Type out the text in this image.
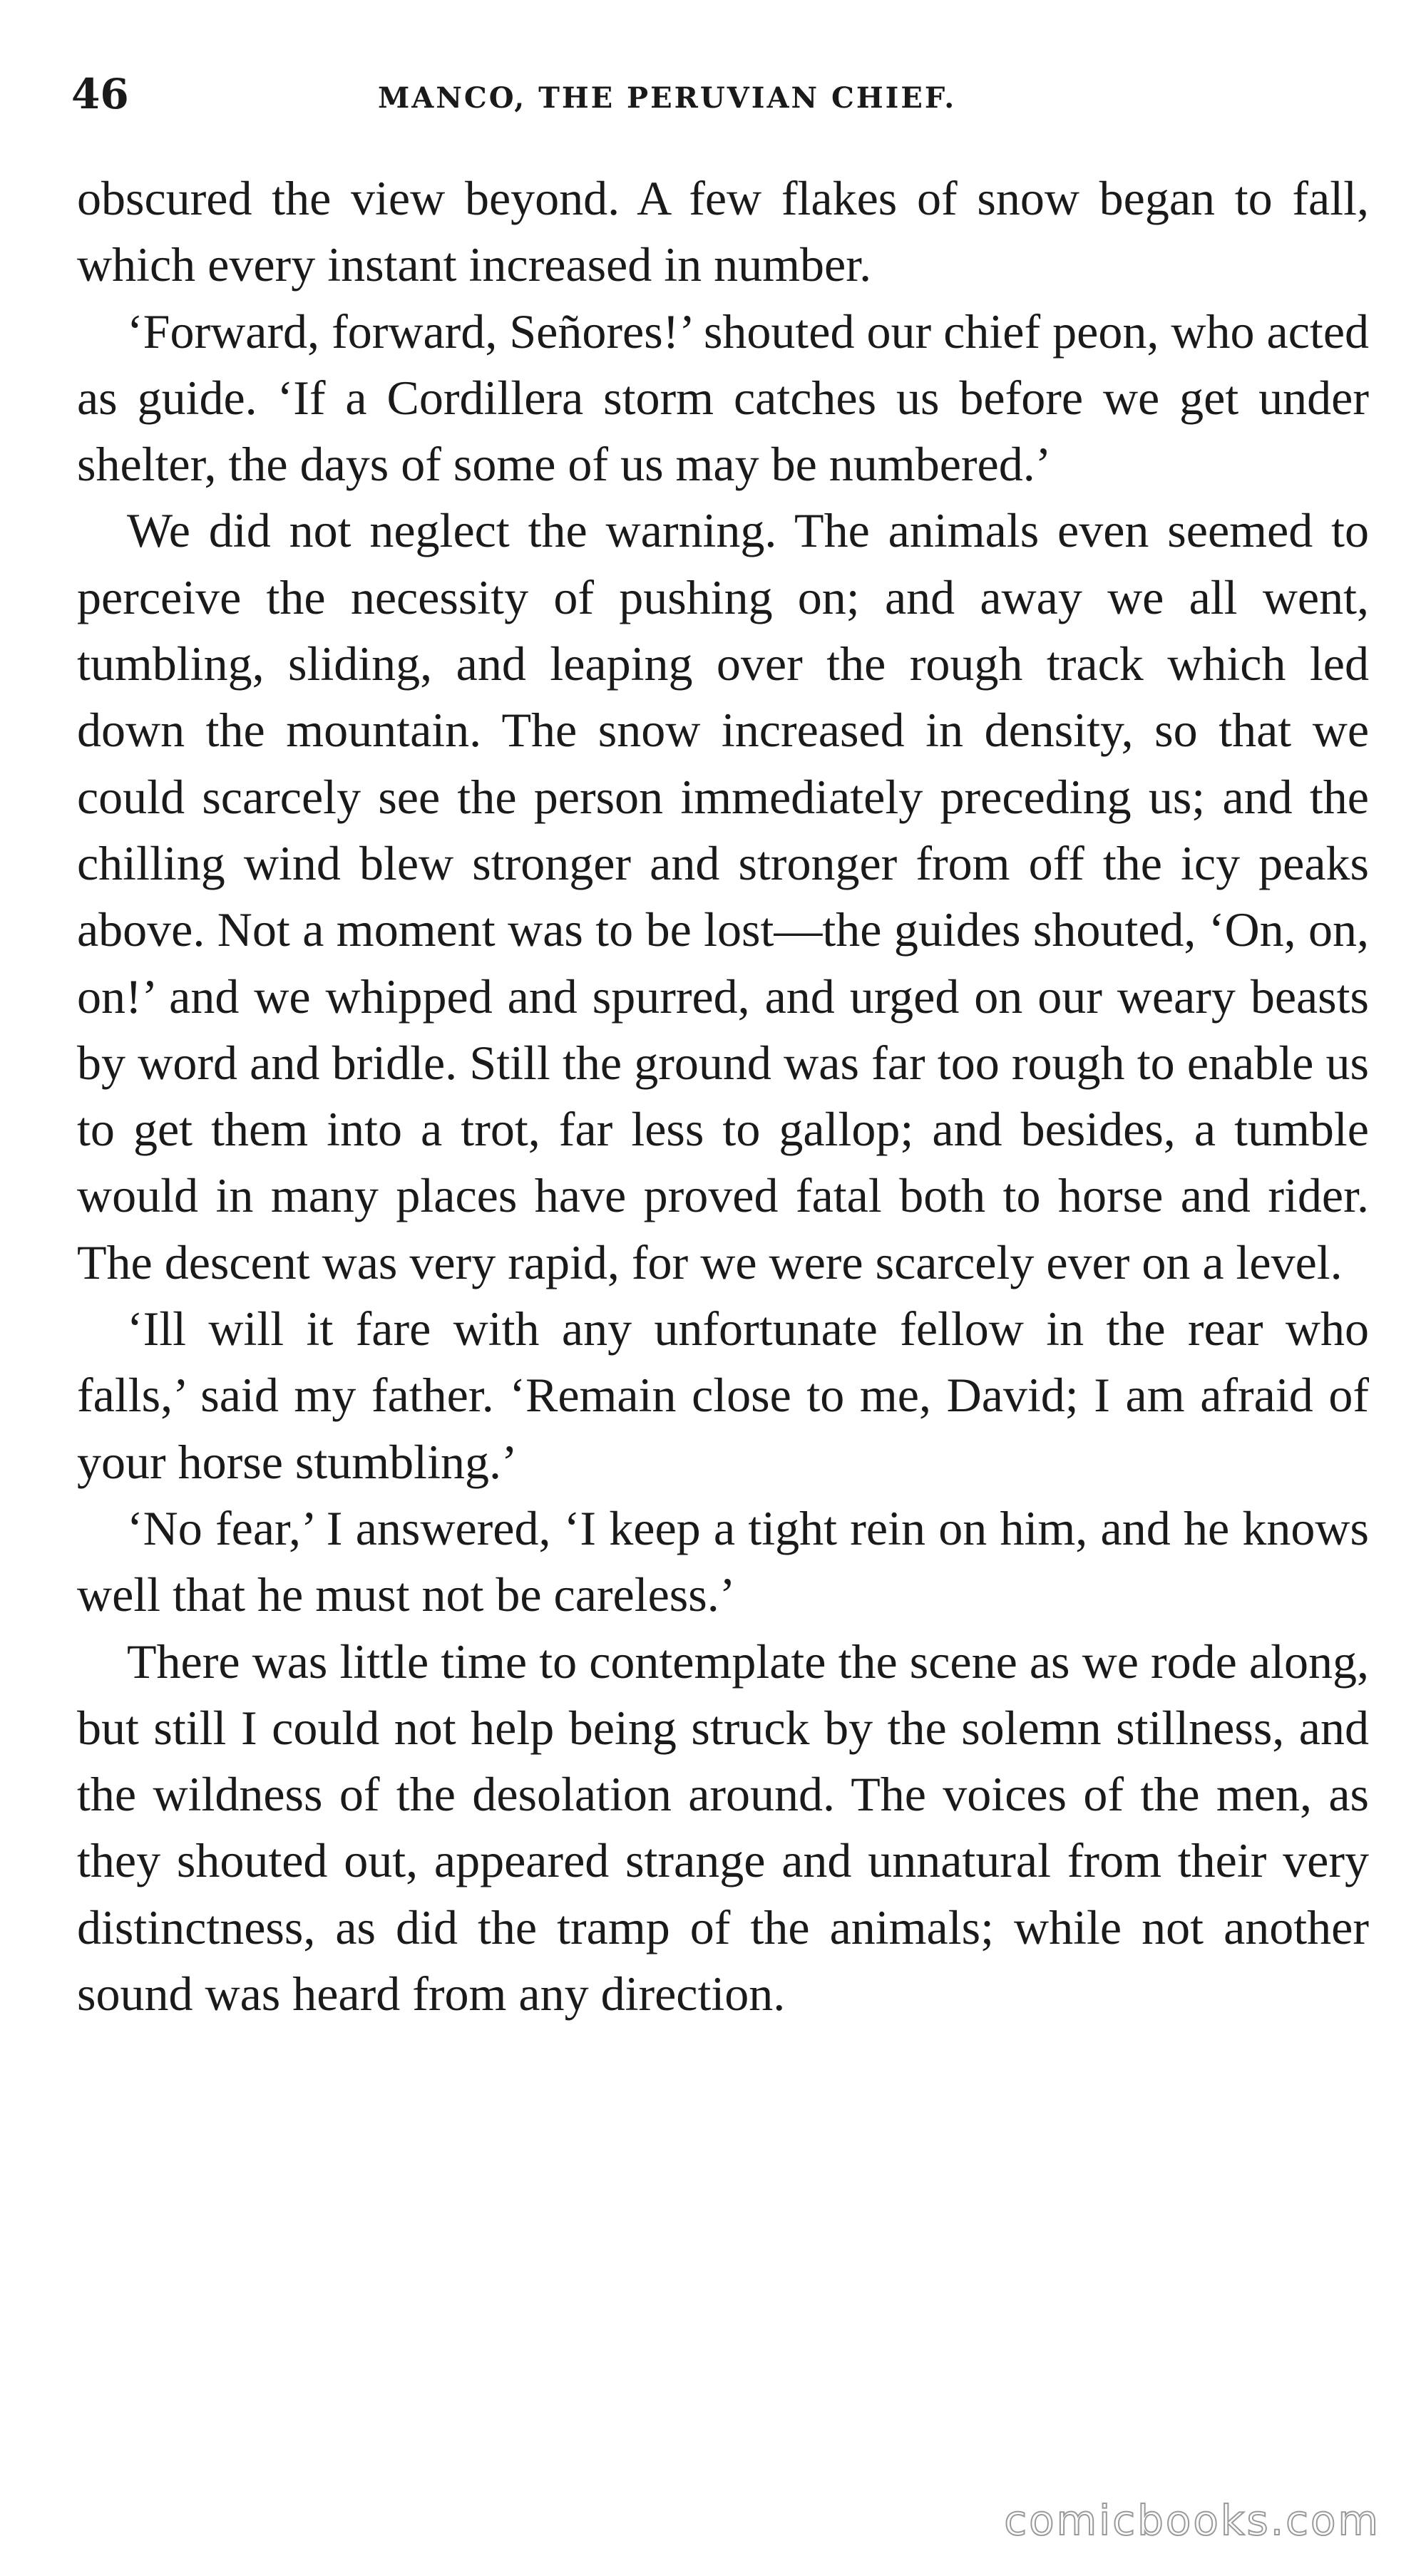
46	MANCO, THE PERUVIAN CHIEF.

obscured the view beyond. A few flakes of snow began to fall, which every instant increased in number.

‘Forward, forward, Señores!’ shouted our chief peon, who acted as guide. ‘If a Cordillera storm catches us before we get under shelter, the days of some of us may be numbered.’

We did not neglect the warning. The animals even seemed to perceive the necessity of pushing on; and away we all went, tumbling, sliding, and leaping over the rough track which led down the mountain. The snow increased in density, so that we could scarcely see the person immediately preceding us; and the chilling wind blew stronger and stronger from off the icy peaks above. Not a moment was to be lost—the guides shouted, ‘On, on, on!’ and we whipped and spurred, and urged on our weary beasts by word and bridle. Still the ground was far too rough to enable us to get them into a trot, far less to gallop; and besides, a tumble would in many places have proved fatal both to horse and rider. The descent was very rapid, for we were scarcely ever on a level.

‘Ill will it fare with any unfortunate fellow in the rear who falls,’ said my father. ‘Remain close to me, David; I am afraid of your horse stumbling.’

‘No fear,’ I answered, ‘I keep a tight rein on him, and he knows well that he must not be careless.’

There was little time to contemplate the scene as we rode along, but still I could not help being struck by the solemn stillness, and the wildness of the desolation around. The voices of the men, as they shouted out, appeared strange and unnatural from their very distinctness, as did the tramp of the animals; while not another sound was heard from any direction.

comicbooks.com
